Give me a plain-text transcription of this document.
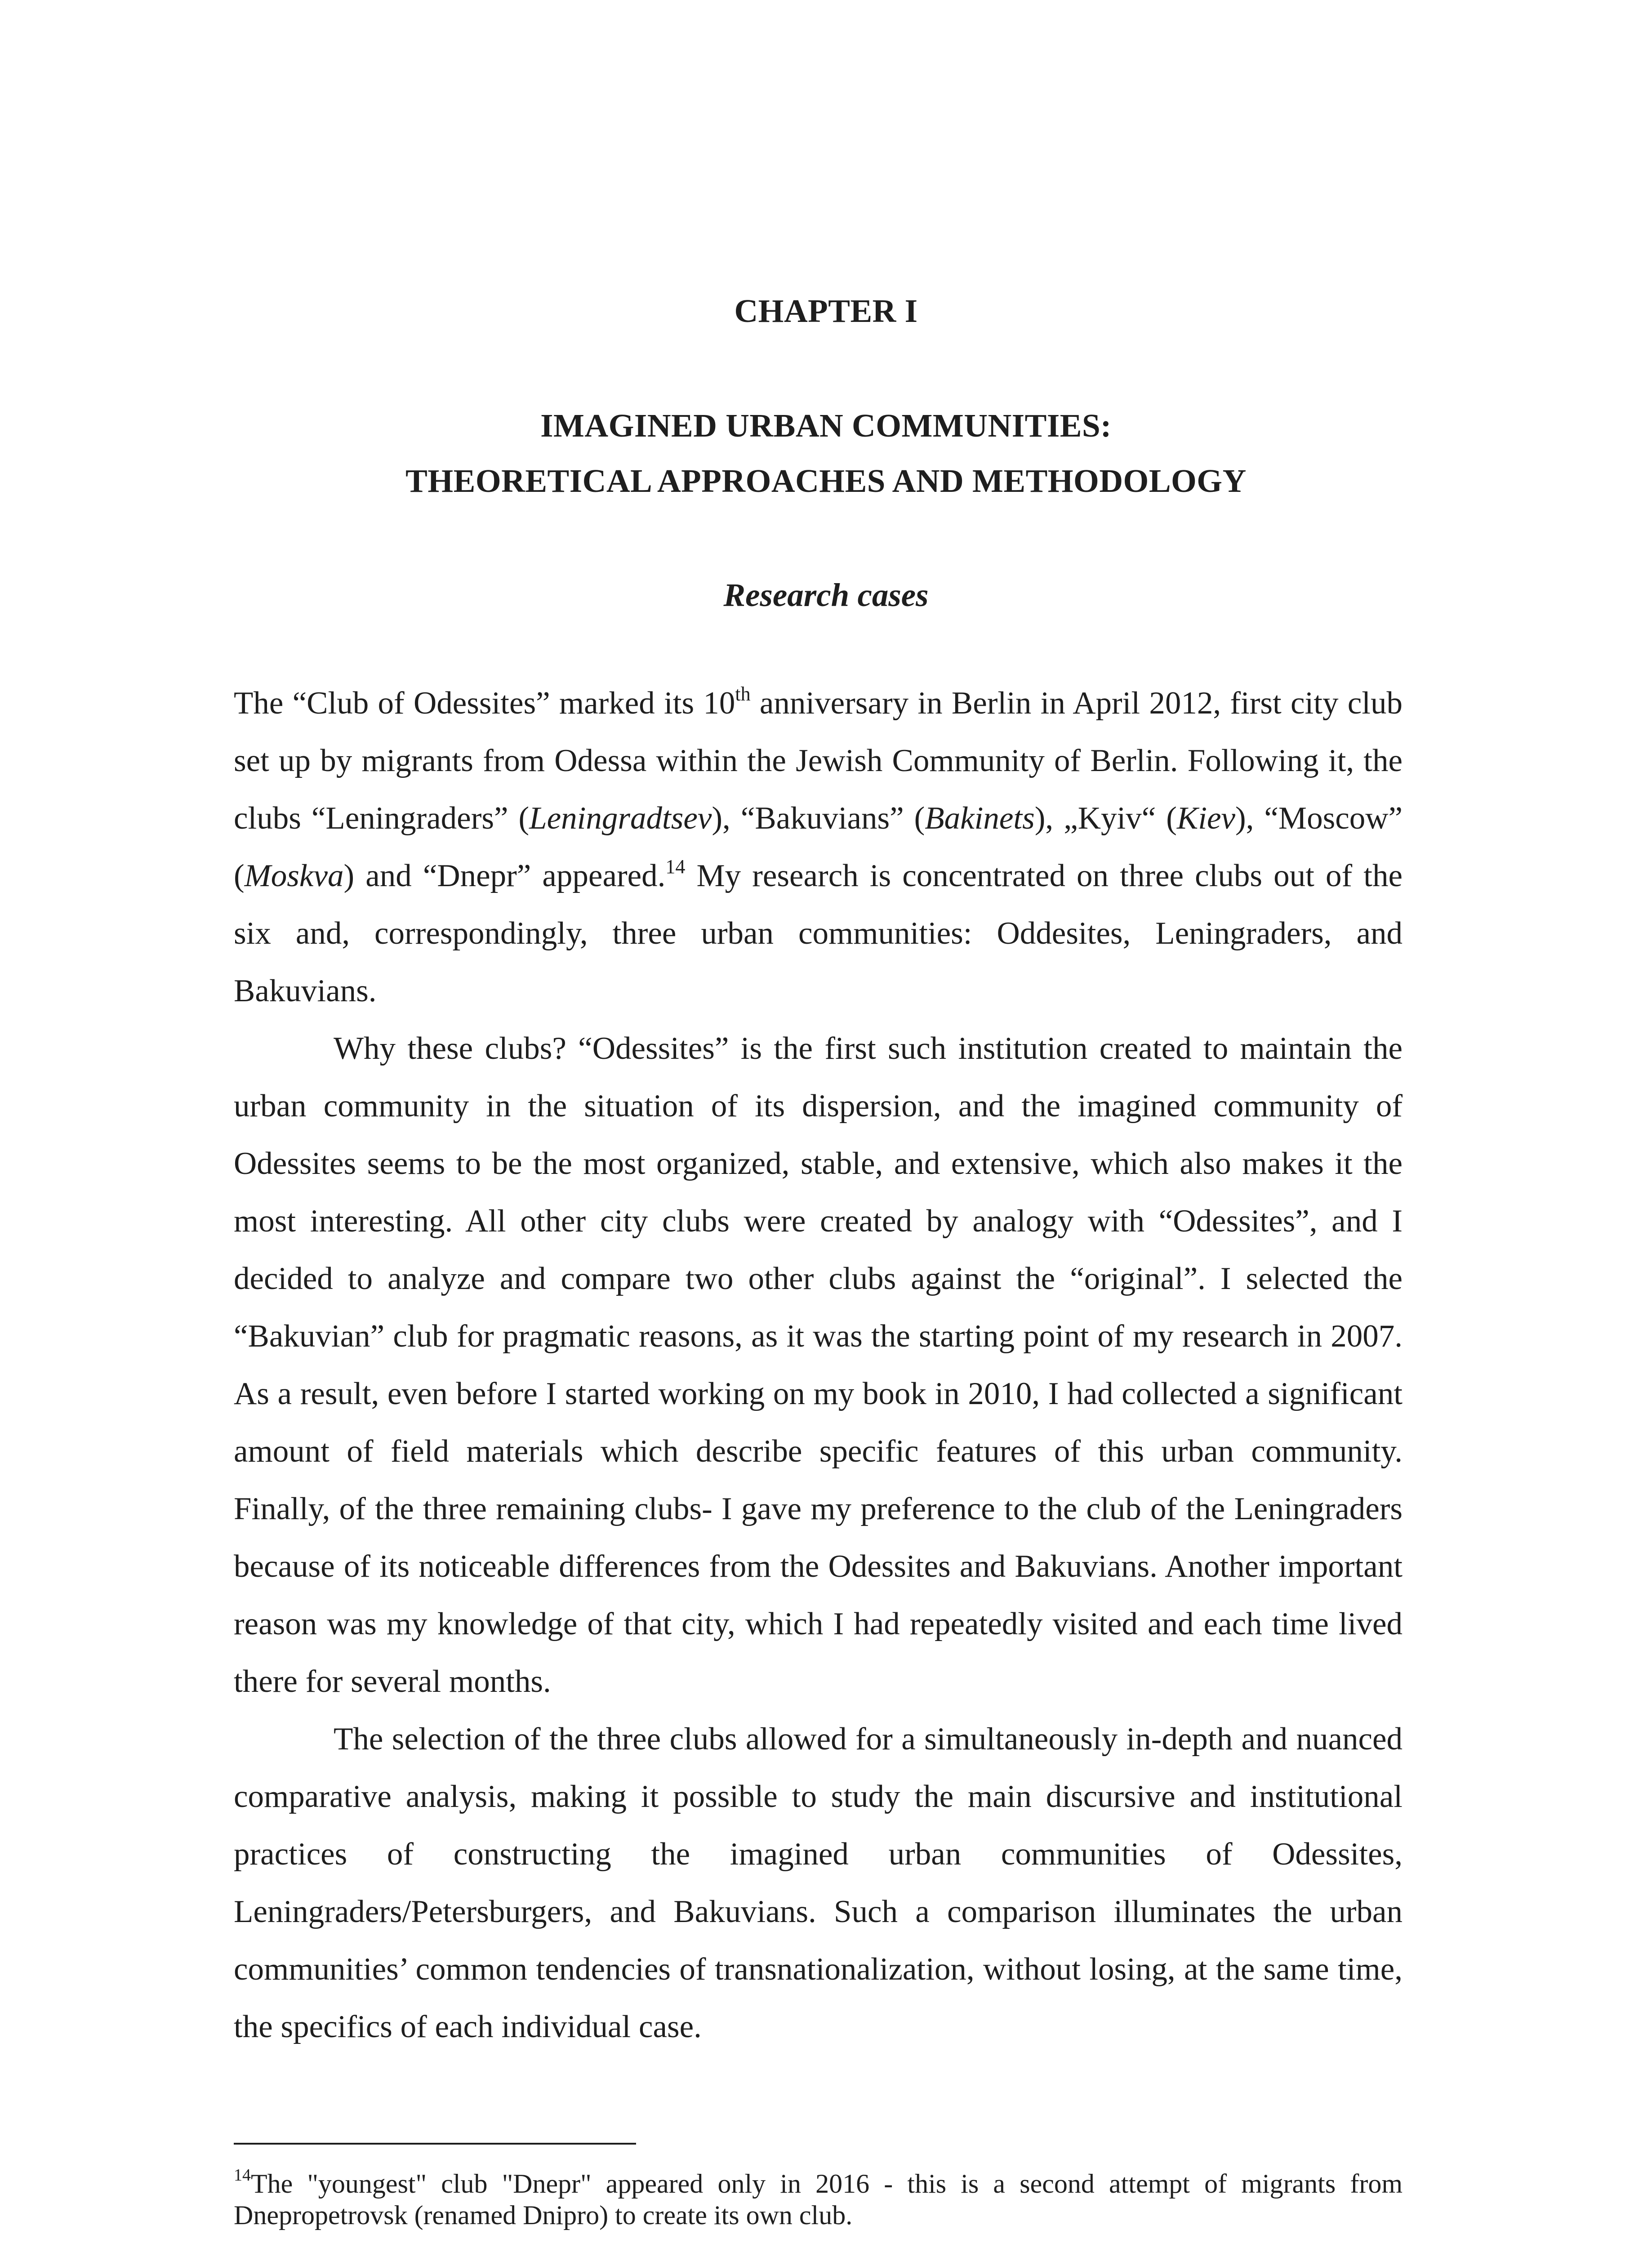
CHAPTER I
IMAGINED URBAN COMMUNITIES:
THEORETICAL APPROACHES AND METHODOLOGY
Research cases

The “Club of Odessites” marked its 10th anniversary in Berlin in April 2012, first city club set up by migrants from Odessa within the Jewish Community of Berlin. Following it, the clubs “Leningraders” (Leningradtsev), “Bakuvians” (Bakinets), „Kyiv“ (Kiev), “Moscow” (Moskva) and “Dnepr” appeared.$^{14}$ My research is concentrated on three clubs out of the six and, correspondingly, three urban communities: Oddesites, Leningraders, and Bakuvians.

Why these clubs? “Odessites” is the first such institution created to maintain the urban community in the situation of its dispersion, and the imagined community of Odessites seems to be the most organized, stable, and extensive, which also makes it the most interesting. All other city clubs were created by analogy with “Odessites”, and I decided to analyze and compare two other clubs against the “original”. I selected the “Bakuvian” club for pragmatic reasons, as it was the starting point of my research in 2007. As a result, even before I started working on my book in 2010, I had collected a significant amount of field materials which describe specific features of this urban community. Finally, of the three remaining clubs- I gave my preference to the club of the Leningraders because of its noticeable differences from the Odessites and Bakuvians. Another important reason was my knowledge of that city, which I had repeatedly visited and each time lived there for several months.

The selection of the three clubs allowed for a simultaneously in-depth and nuanced comparative analysis, making it possible to study the main discursive and institutional practices of constructing the imagined urban communities of Odessites, Leningraders/Petersburgers, and Bakuvians. Such a comparison illuminates the urban communities’ common tendencies of transnationalization, without losing, at the same time, the specifics of each individual case.

$^{14}$The "youngest" club "Dnepr" appeared only in 2016 - this is a second attempt of migrants from Dnepropetrovsk (renamed Dnipro) to create its own club.
